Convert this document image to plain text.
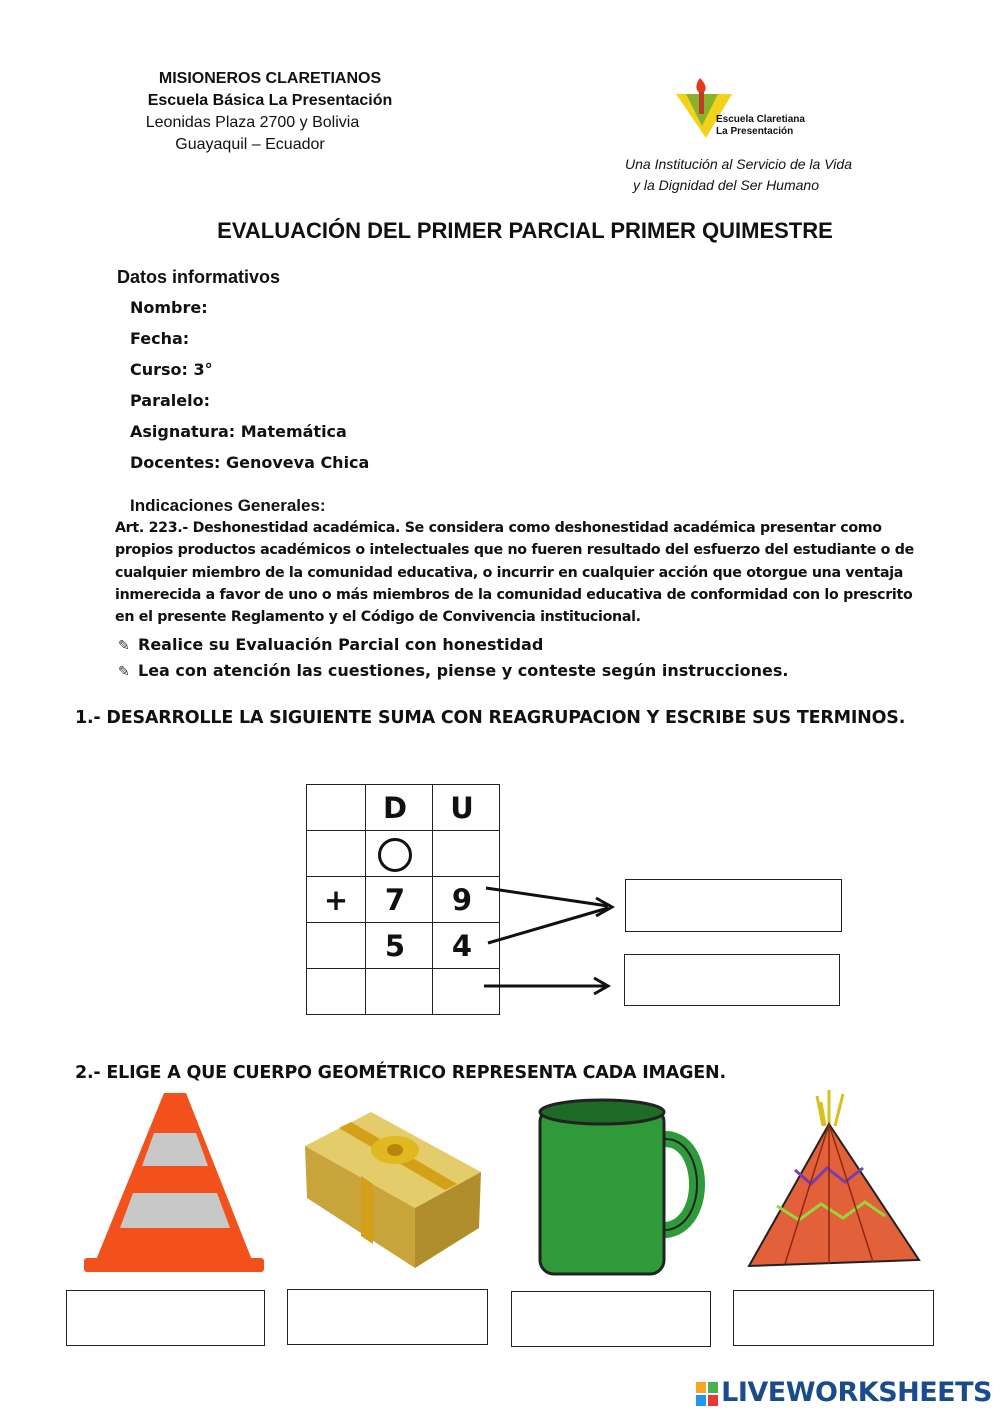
MISIONEROS CLARETIANOS
Escuela Básica La Presentación
Leonidas Plaza 2700 y Bolivia
Guayaquil – Ecuador
Escuela Claretiana
La Presentación
Una Institución al Servicio de la Vida
y la Dignidad del Ser Humano
EVALUACIÓN DEL PRIMER PARCIAL PRIMER QUIMESTRE
Datos informativos
Nombre:
Fecha:
Curso: 3°
Paralelo:
Asignatura: Matemática
Docentes: Genoveva Chica
Indicaciones Generales:
Art. 223.- Deshonestidad académica. Se considera como deshonestidad académica presentar como
propios productos académicos o intelectuales que no fueren resultado del esfuerzo del estudiante o de
cualquier miembro de la comunidad educativa, o incurrir en cualquier acción que otorgue una ventaja
inmerecida a favor de uno o más miembros de la comunidad educativa de conformidad con lo prescrito
en el presente Reglamento y el Código de Convivencia institucional.
✎ Realice su Evaluación Parcial con honestidad
✎ Lea con atención las cuestiones, piense y conteste según instrucciones.
1.- DESARROLLE LA SIGUIENTE SUMA CON REAGRUPACION Y ESCRIBE SUS TERMINOS.
	D	U

+	7	9
	5	4

2.- ELIGE A QUE CUERPO GEOMÉTRICO REPRESENTA CADA IMAGEN.
LIVEWORKSHEETS
